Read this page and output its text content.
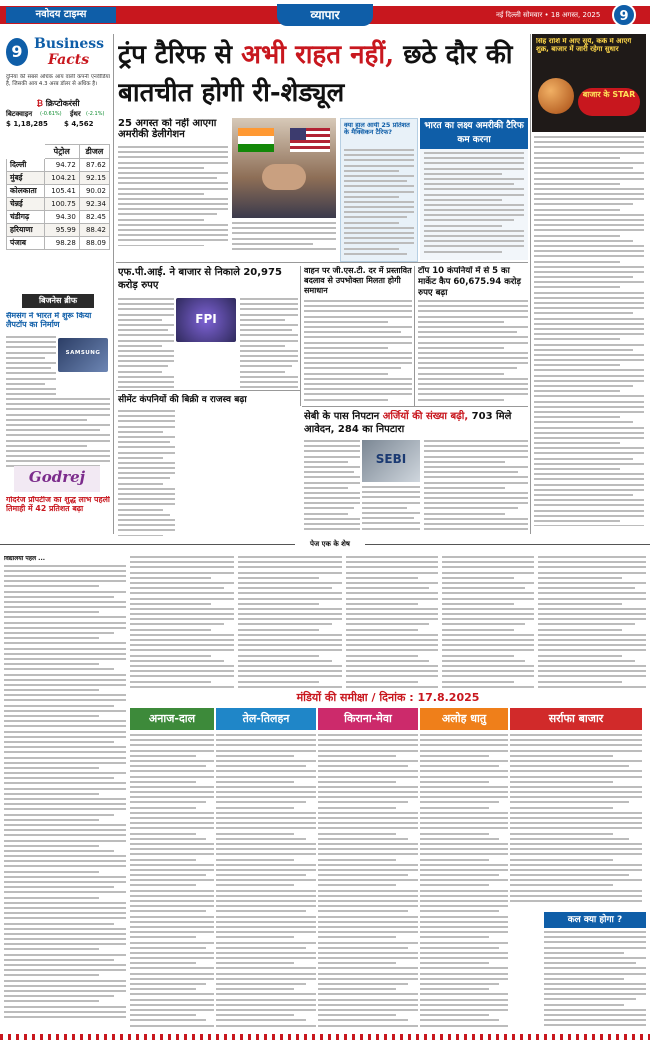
नवोदय टाइम्स	व्यापार	नई दिल्ली सोमवार • 18 अगस्त, 2025	9
9 Business
Facts
दुनिया की सबसे अधिक आय वाली कंपनी एनवीडिया है, जिसकी आय 4.3 अरब डॉलर से अधिक है।
₿ क्रिप्टोकरंसी
बिटक्वाइन (-0.61%)
$ 1,18,285
ईथर (-2.1%)
$ 4,562
	पेट्रोल	डीजल
दिल्ली	94.72	87.62
मुंबई	104.21	92.15
कोलकाता	105.41	90.02
चेन्नई	100.75	92.34
चंडीगढ़	94.30	82.45
हरियाणा	95.99	88.42
पंजाब	98.28	88.09
बिजनेस ब्रीफ
सैमसंग ने भारत में शुरू किया लैपटॉप का निर्माण
SAMSUNG
Godrej
गोदरेज प्रॉपर्टीज का शुद्ध लाभ पहली तिमाही में 42 प्रतिशत बढ़ा
ट्रंप टैरिफ से अभी राहत नहीं, छठे दौर की बातचीत होगी री-शेड्यूल
सिंह राशि में आए सूर्य, कर्क में आएंगे शुक्र, बाजार में जारी रहेगा सुधार
बाजार के STAR
25 अगस्त को नहीं आएगा अमरीकी डेलीगेशन
क्या हाल आयी 25 प्रतिशत के मैक्सिकन टैरिफ?
भारत का लक्ष्य अमरीकी टैरिफ कम करना
एफ.पी.आई. ने बाजार से निकाले 20,975 करोड़ रुपए
FPI
वाहन पर जी.एस.टी. दर में प्रस्तावित बदलाव से उपभोक्ता मिलता होगी समाधान
टॉप 10 कंपनियों में से 5 का मार्केट कैप 60,675.94 करोड़ रुपए बढ़ा
सीमेंट कंपनियों की बिक्री व राजस्व बढ़ा
सेबी के पास निपटान अर्जियों की संख्या बढ़ी, 703 मिले आवेदन, 284 का निपटारा
SEBI
पेज एक के शेष
विद्यालयों पहल ...
मंडियों की समीक्षा / दिनांक : 17.8.2025
अनाज-दाल	तेल-तिलहन	किराना-मेवा	अलोह धातु	सर्राफा बाजार
कल क्या होगा ?
